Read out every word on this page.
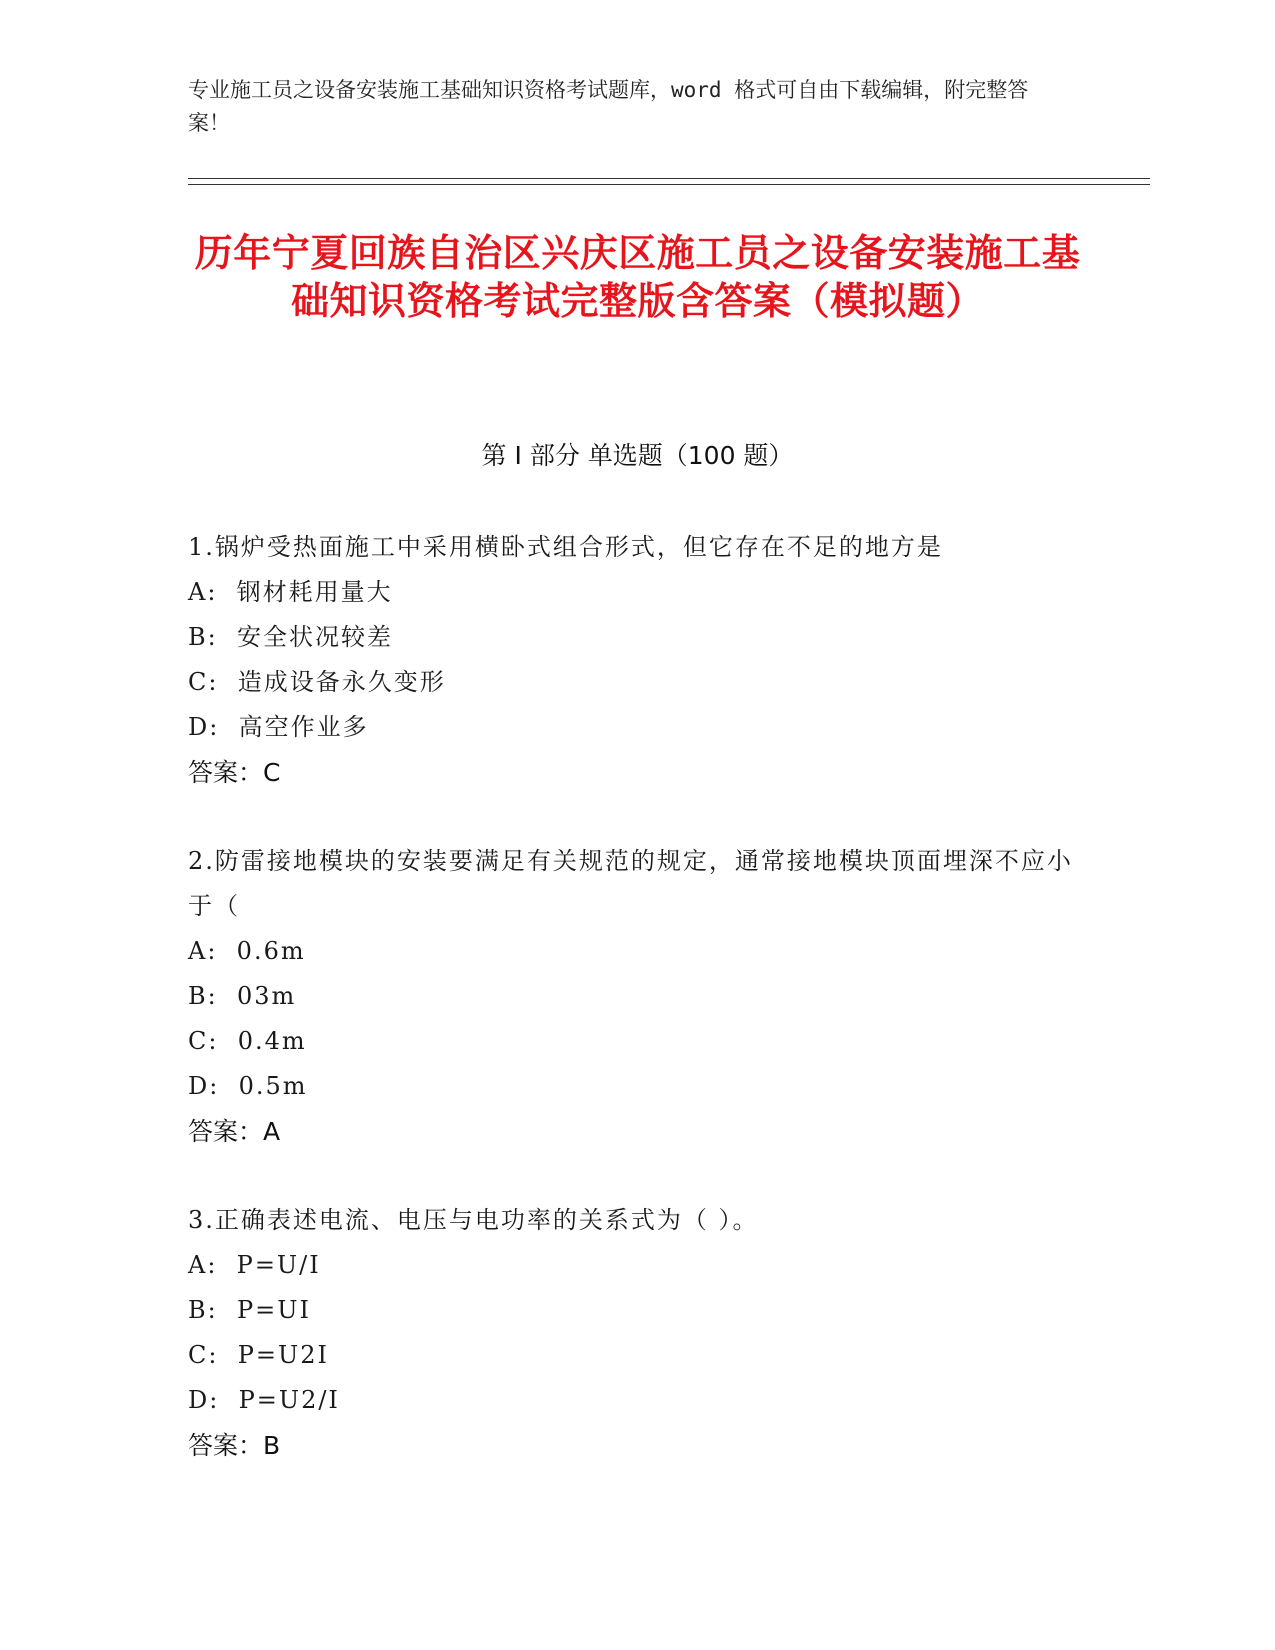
专业施工员之设备安装施工基础知识资格考试题库，word 格式可自由下载编辑，附完整答案！
历年宁夏回族自治区兴庆区施工员之设备安装施工基础知识资格考试完整版含答案（模拟题）
第 I 部分 单选题（100 题）
1.锅炉受热面施工中采用横卧式组合形式，但它存在不足的地方是
A:  钢材耗用量大
B:  安全状况较差
C:  造成设备永久变形
D:  高空作业多
答案：C
2.防雷接地模块的安装要满足有关规范的规定，通常接地模块顶面埋深不应小于（
A:  0.6m
B:  03m
C:  0.4m
D:  0.5m
答案：A
3.正确表述电流、电压与电功率的关系式为（ ）。
A:  P=U/I
B:  P=UI
C:  P=U2I
D:  P=U2/I
答案：B
